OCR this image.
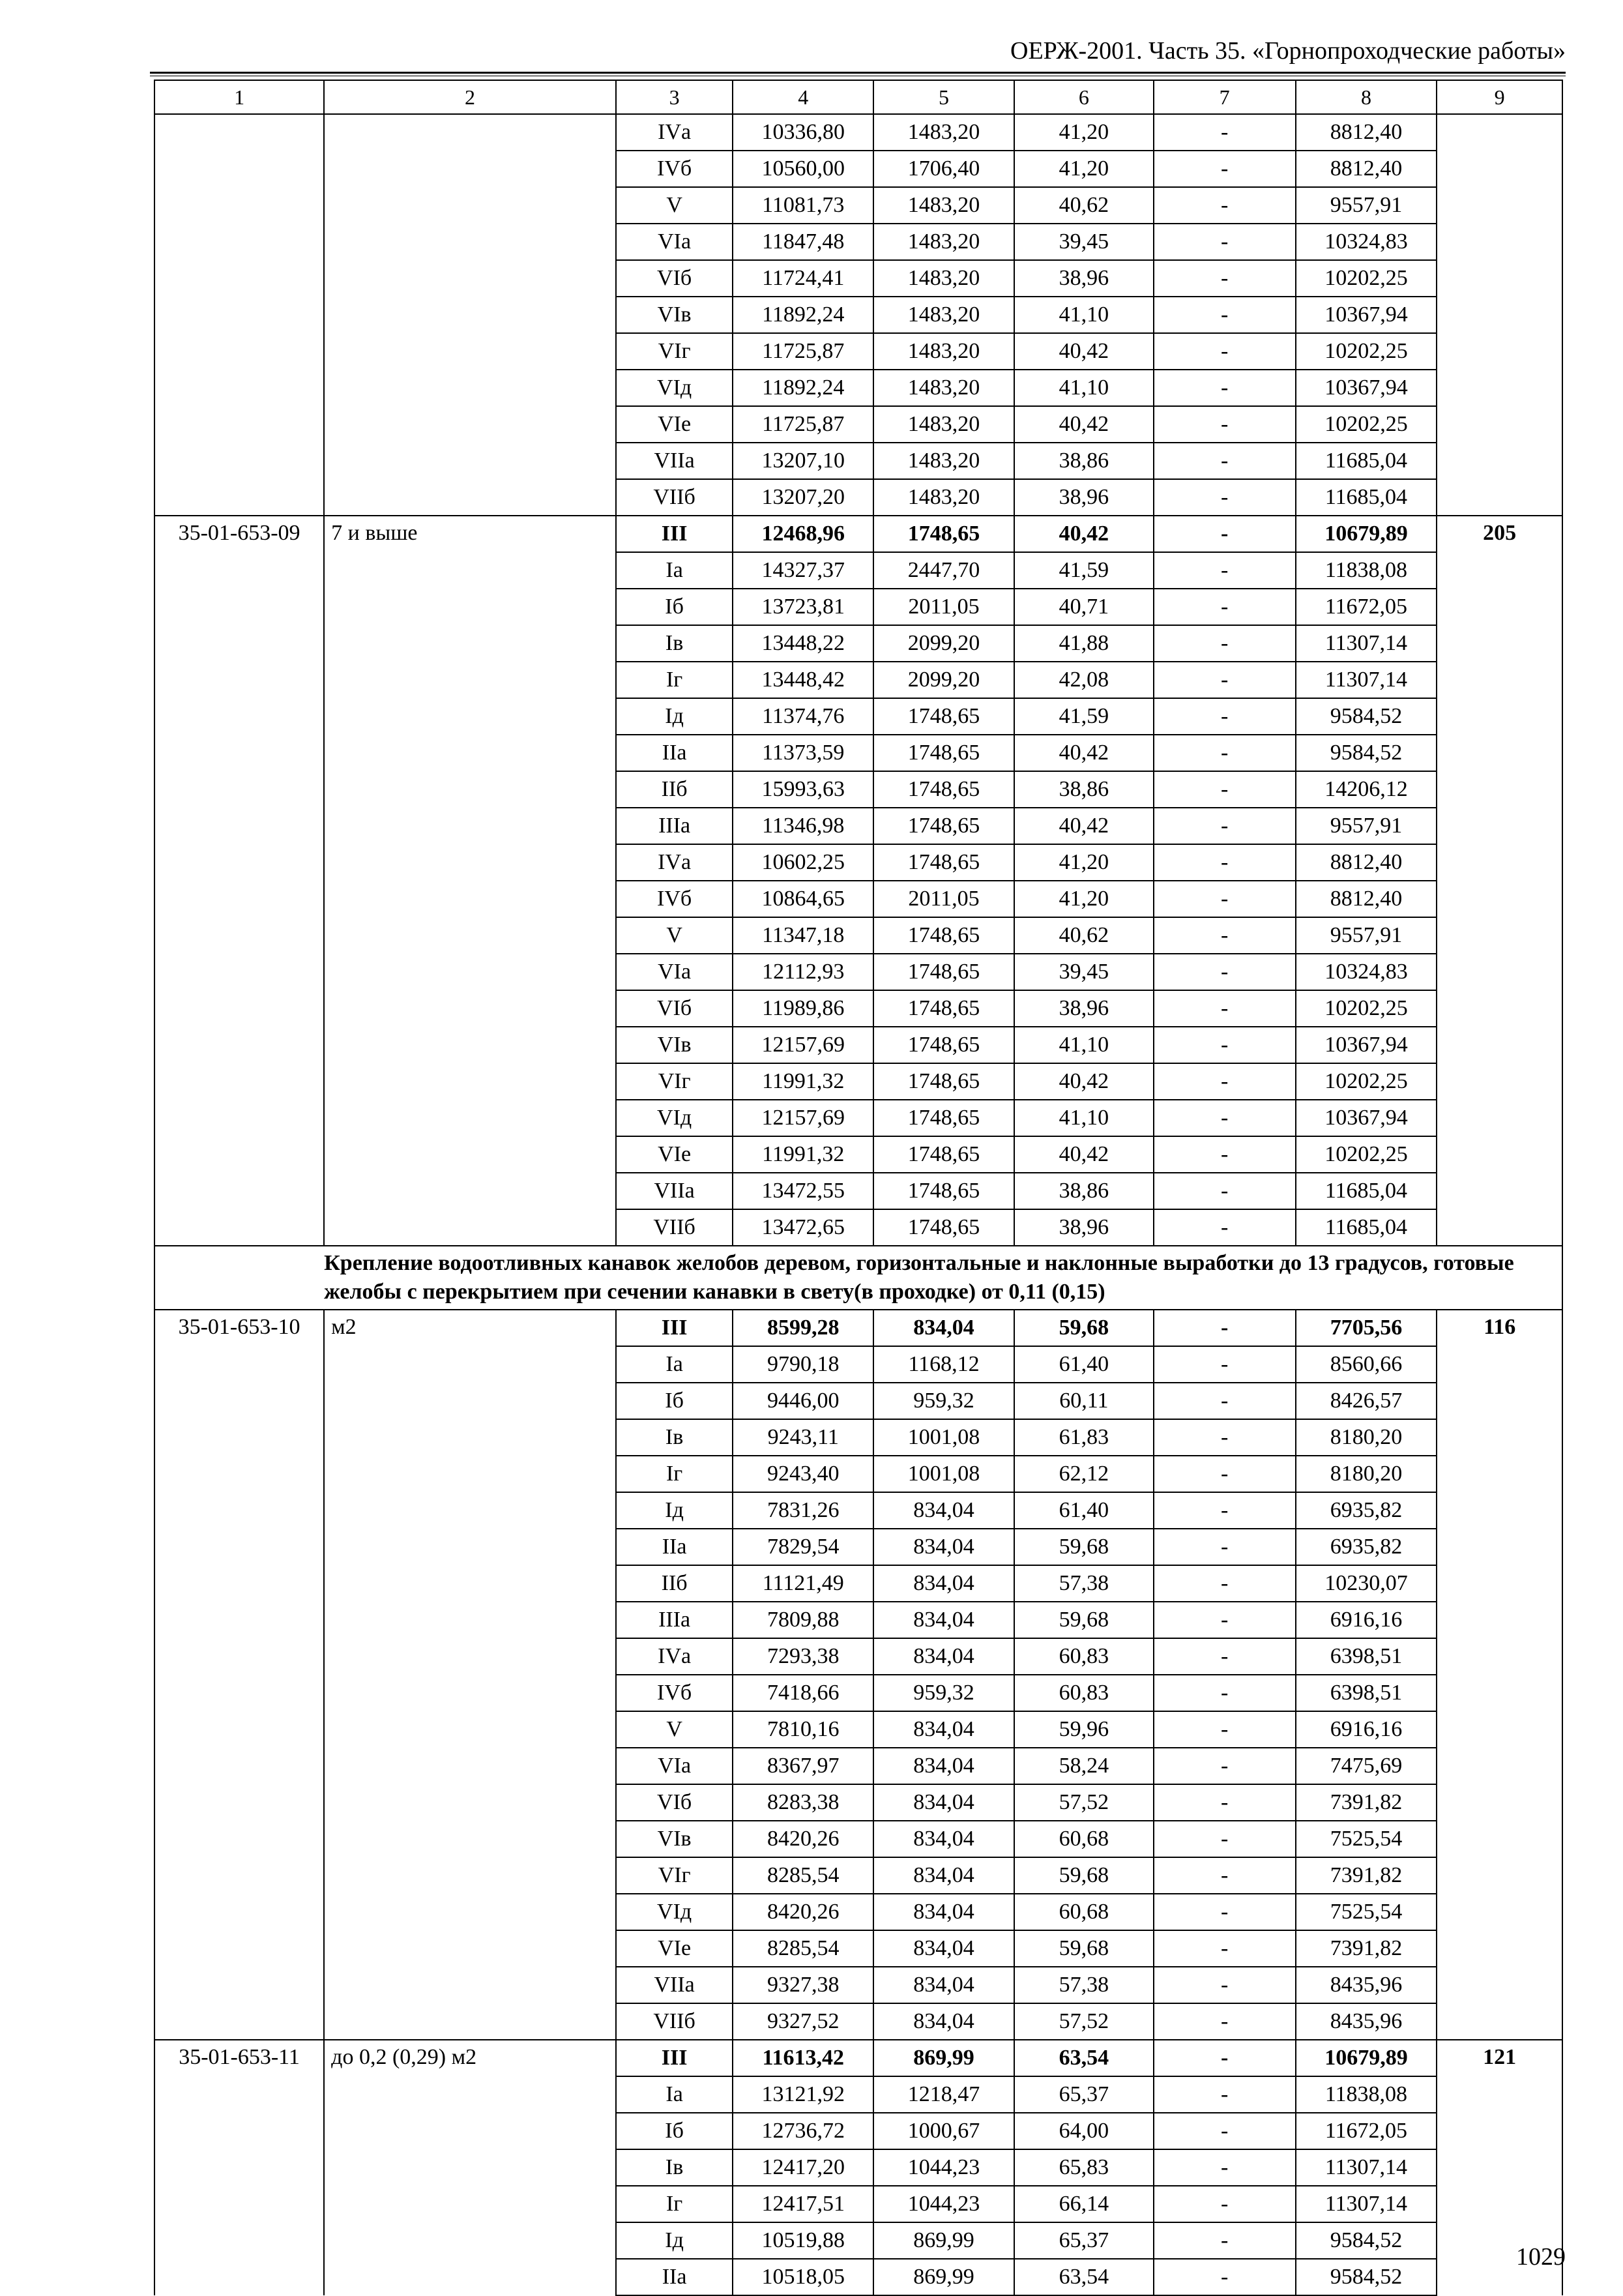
ОЕРЖ-2001. Часть 35. «Горнопроходческие работы»
1	2	3	4	5	6	7	8	9
		IVа	10336,80	1483,20	41,20	-	8812,40	
		IVб	10560,00	1706,40	41,20	-	8812,40	
		V	11081,73	1483,20	40,62	-	9557,91	
		VIа	11847,48	1483,20	39,45	-	10324,83	
		VIб	11724,41	1483,20	38,96	-	10202,25	
		VIв	11892,24	1483,20	41,10	-	10367,94	
		VIг	11725,87	1483,20	40,42	-	10202,25	
		VIд	11892,24	1483,20	41,10	-	10367,94	
		VIе	11725,87	1483,20	40,42	-	10202,25	
		VIIа	13207,10	1483,20	38,86	-	11685,04	
		VIIб	13207,20	1483,20	38,96	-	11685,04	
35-01-653-09	7 и выше	III	12468,96	1748,65	40,42	-	10679,89	205
		Iа	14327,37	2447,70	41,59	-	11838,08	
		Iб	13723,81	2011,05	40,71	-	11672,05	
		Iв	13448,22	2099,20	41,88	-	11307,14	
		Iг	13448,42	2099,20	42,08	-	11307,14	
		Iд	11374,76	1748,65	41,59	-	9584,52	
		IIа	11373,59	1748,65	40,42	-	9584,52	
		IIб	15993,63	1748,65	38,86	-	14206,12	
		IIIа	11346,98	1748,65	40,42	-	9557,91	
		IVа	10602,25	1748,65	41,20	-	8812,40	
		IVб	10864,65	2011,05	41,20	-	8812,40	
		V	11347,18	1748,65	40,62	-	9557,91	
		VIа	12112,93	1748,65	39,45	-	10324,83	
		VIб	11989,86	1748,65	38,96	-	10202,25	
		VIв	12157,69	1748,65	41,10	-	10367,94	
		VIг	11991,32	1748,65	40,42	-	10202,25	
		VIд	12157,69	1748,65	41,10	-	10367,94	
		VIе	11991,32	1748,65	40,42	-	10202,25	
		VIIа	13472,55	1748,65	38,86	-	11685,04	
		VIIб	13472,65	1748,65	38,96	-	11685,04	
	Крепление водоотливных канавок желобов деревом, горизонтальные и наклонные выработки до 13 градусов, готовые желобы с перекрытием при сечении канавки в свету(в проходке) от 0,11 (0,15)							
35-01-653-10	м2	III	8599,28	834,04	59,68	-	7705,56	116
		Iа	9790,18	1168,12	61,40	-	8560,66	
		Iб	9446,00	959,32	60,11	-	8426,57	
		Iв	9243,11	1001,08	61,83	-	8180,20	
		Iг	9243,40	1001,08	62,12	-	8180,20	
		Iд	7831,26	834,04	61,40	-	6935,82	
		IIа	7829,54	834,04	59,68	-	6935,82	
		IIб	11121,49	834,04	57,38	-	10230,07	
		IIIа	7809,88	834,04	59,68	-	6916,16	
		IVа	7293,38	834,04	60,83	-	6398,51	
		IVб	7418,66	959,32	60,83	-	6398,51	
		V	7810,16	834,04	59,96	-	6916,16	
		VIа	8367,97	834,04	58,24	-	7475,69	
		VIб	8283,38	834,04	57,52	-	7391,82	
		VIв	8420,26	834,04	60,68	-	7525,54	
		VIг	8285,54	834,04	59,68	-	7391,82	
		VIд	8420,26	834,04	60,68	-	7525,54	
		VIе	8285,54	834,04	59,68	-	7391,82	
		VIIа	9327,38	834,04	57,38	-	8435,96	
		VIIб	9327,52	834,04	57,52	-	8435,96	
35-01-653-11	до 0,2 (0,29) м2	III	11613,42	869,99	63,54	-	10679,89	121
		Iа	13121,92	1218,47	65,37	-	11838,08	
		Iб	12736,72	1000,67	64,00	-	11672,05	
		Iв	12417,20	1044,23	65,83	-	11307,14	
		Iг	12417,51	1044,23	66,14	-	11307,14	
		Iд	10519,88	869,99	65,37	-	9584,52	
		IIа	10518,05	869,99	63,54	-	9584,52	
1029
